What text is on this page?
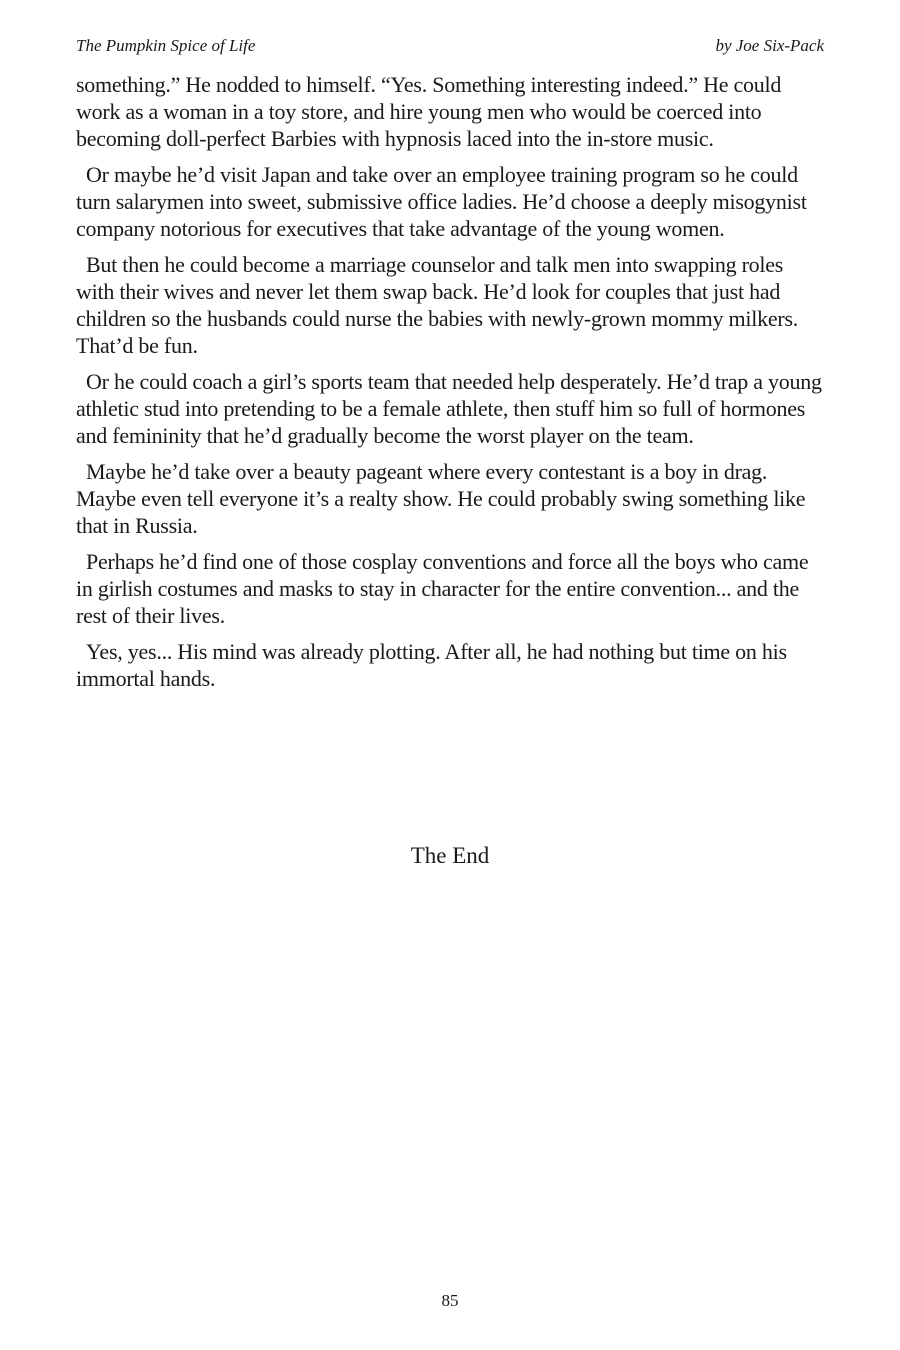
The Pumpkin Spice of Life	by Joe Six-Pack

something.” He nodded to himself. “Yes. Something interesting indeed.” He could work as a woman in a toy store, and hire young men who would be coerced into becoming doll-perfect Barbies with hypnosis laced into the in-store music.

Or maybe he’d visit Japan and take over an employee training program so he could turn salarymen into sweet, submissive office ladies. He’d choose a deeply misogynist company notorious for executives that take advantage of the young women.

But then he could become a marriage counselor and talk men into swapping roles with their wives and never let them swap back. He’d look for couples that just had children so the husbands could nurse the babies with newly-grown mommy milkers. That’d be fun.

Or he could coach a girl’s sports team that needed help desperately. He’d trap a young athletic stud into pretending to be a female athlete, then stuff him so full of hormones and femininity that he’d gradually become the worst player on the team.

Maybe he’d take over a beauty pageant where every contestant is a boy in drag. Maybe even tell everyone it’s a realty show. He could probably swing something like that in Russia.

Perhaps he’d find one of those cosplay conventions and force all the boys who came in girlish costumes and masks to stay in character for the entire convention... and the rest of their lives.

Yes, yes... His mind was already plotting. After all, he had nothing but time on his immortal hands.

The End
85
